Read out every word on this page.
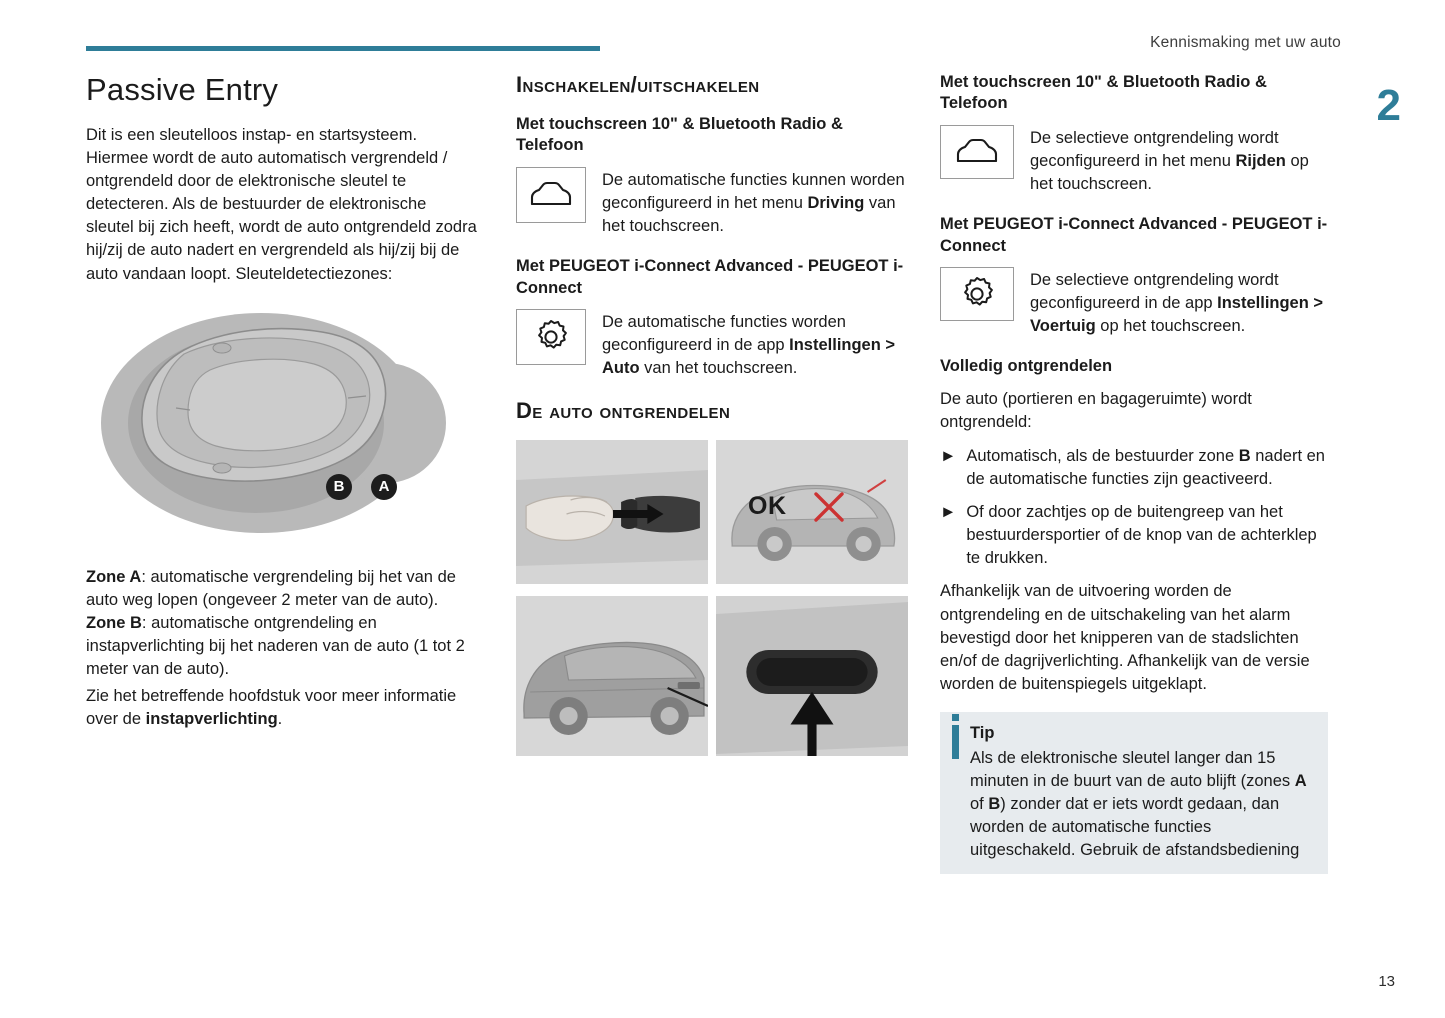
Kennismaking met uw auto
2
13
Passive Entry

Dit is een sleutelloos instap- en startsysteem. Hiermee wordt de auto automatisch vergrendeld / ontgrendeld door de elektronische sleutel te detecteren. Als de bestuurder de elektronische sleutel bij zich heeft, wordt de auto ontgrendeld zodra hij/zij de auto nadert en vergrendeld als hij/zij bij de auto vandaan loopt. Sleuteldetectiezones:

B	A

Zone A: automatische vergrendeling bij het van de auto weg lopen (ongeveer 2 meter van de auto). Zone B: automatische ontgrendeling en instapverlichting bij het naderen van de auto (1 tot 2 meter van de auto).

Zie het betreffende hoofdstuk voor meer informatie over de instapverlichting.

Inschakelen/uitschakelen
Met touchscreen 10" & Bluetooth Radio & Telefoon
De automatische functies kunnen worden geconfigureerd in het menu Driving van het touchscreen.
Met PEUGEOT i-Connect Advanced - PEUGEOT i-Connect
De automatische functies worden geconfigureerd in de app Instellingen > Auto van het touchscreen.
De auto ontgrendelen
OK
Met touchscreen 10" & Bluetooth Radio & Telefoon
De selectieve ontgrendeling wordt geconfigureerd in het menu Rijden op het touchscreen.
Met PEUGEOT i-Connect Advanced - PEUGEOT i-Connect
De selectieve ontgrendeling wordt geconfigureerd in de app Instellingen > Voertuig op het touchscreen.
Volledig ontgrendelen

De auto (portieren en bagageruimte) wordt ontgrendeld:

► Automatisch, als de bestuurder zone B nadert en de automatische functies zijn geactiveerd.
► Of door zachtjes op de buitengreep van het bestuurdersportier of de knop van de achterklep te drukken.

Afhankelijk van de uitvoering worden de ontgrendeling en de uitschakeling van het alarm bevestigd door het knipperen van de stadslichten en/of de dagrijverlichting. Afhankelijk van de versie worden de buitenspiegels uitgeklapt.

Tip
Als de elektronische sleutel langer dan 15 minuten in de buurt van de auto blijft (zones A of B) zonder dat er iets wordt gedaan, dan worden de automatische functies uitgeschakeld. Gebruik de afstandsbediening
